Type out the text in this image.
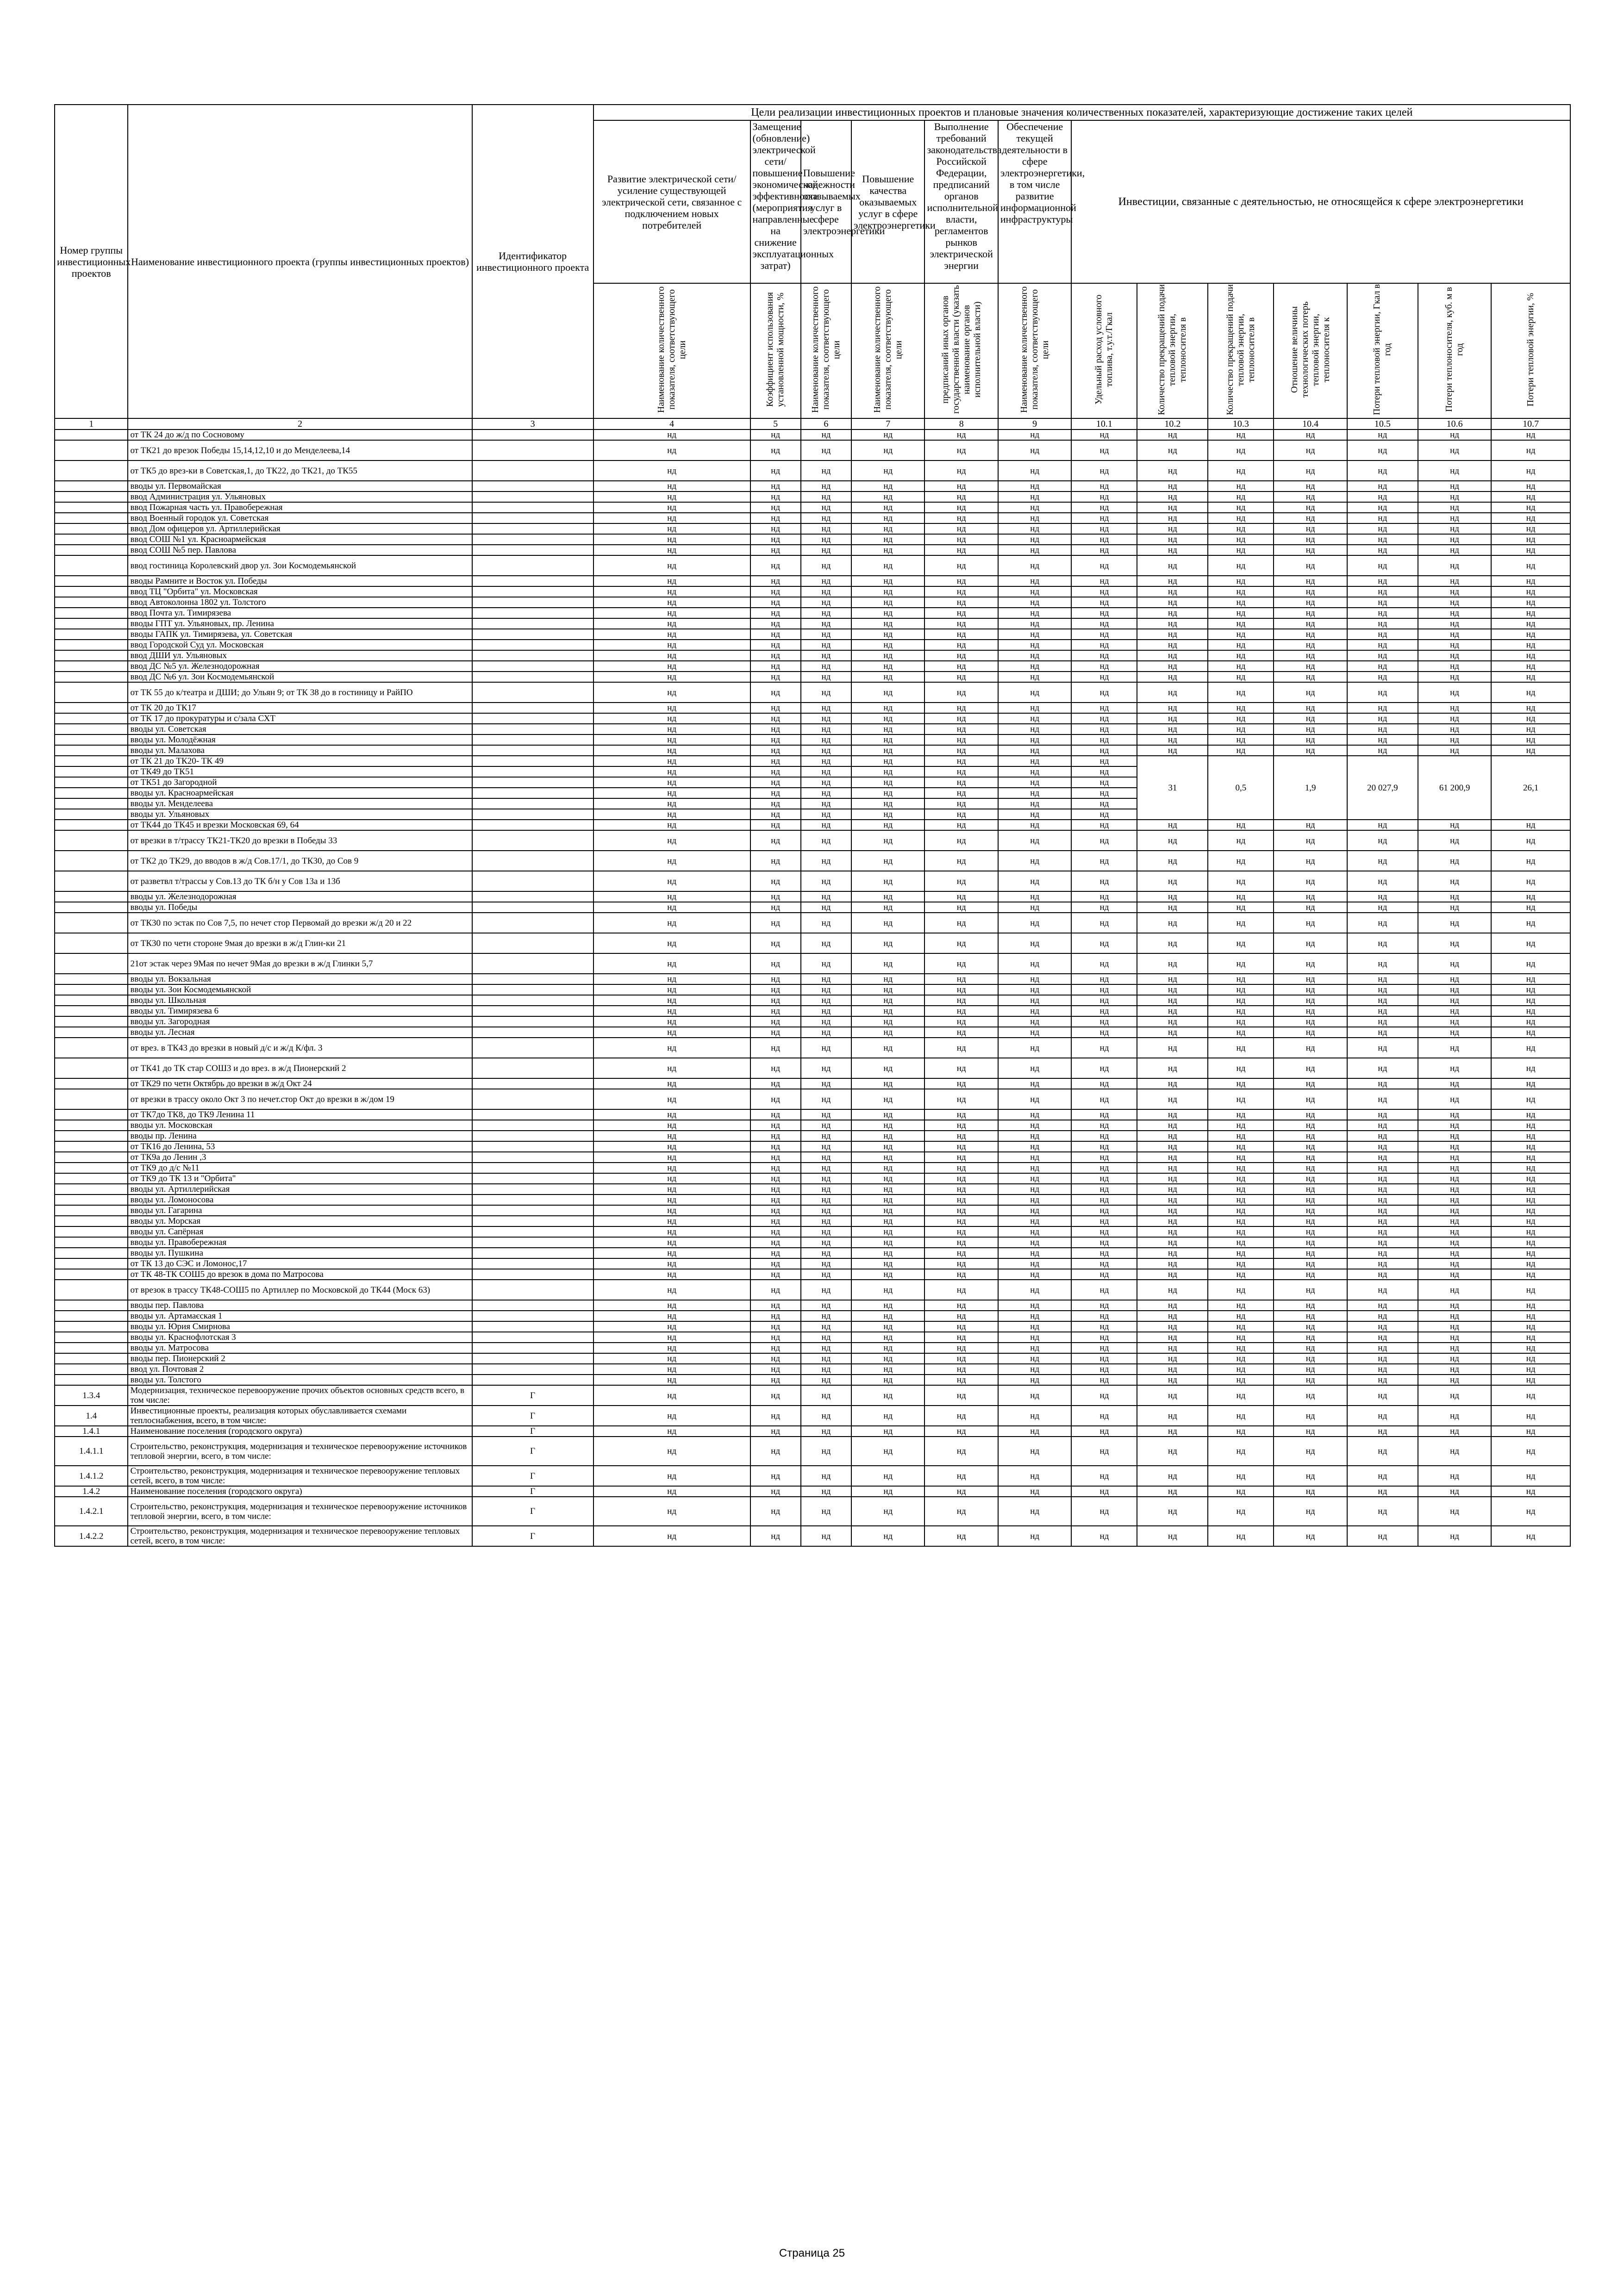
Номер группы инвестиционных проектов	Наименование инвестиционного проекта (группы инвестиционных проектов)	Идентификатор инвестиционного проекта	Цели реализации инвестиционных проектов и плановые значения количественных показателей, характеризующие достижение таких целей												
			Развитие электрической сети/усиление существующей электрической сети, связанное с подключением новых потребителей	Замещение (обновление) электрической сети/повышение экономической эффективности (мероприятия направленные на снижение эксплуатационных затрат)	Повышение надежности оказываемых услуг в сфере электроэнергетики	Повышение качества оказываемых услуг в сфере электроэнергетики	Выполнение требований законодательства Российской Федерации, предписаний органов исполнительной власти, регламентов рынков электрической энергии	Обеспечение текущей деятельности в сфере электроэнергетики, в том числе развитие информационной инфраструктуры	Инвестиции, связанные с деятельностью, не относящейся к сфере электроэнергетики						
			Наименование количественного показателя, соответствующего цели	Коэффициент использования установленной мощности, %	Наименование количественного показателя, соответствующего цели	Наименование количественного показателя, соответствующего цели	предписаний иных органов государственной власти (указать наименование органов исполнительной власти)	Наименование количественного показателя, соответствующего цели	Удельный расход условного топлива, т.у.т./Гкал	Количество прекращений подачи тепловой энергии, теплоносителя в	Количество прекращений подачи тепловой энергии, теплоносителя в	Отношение величины технологических потерь тепловой энергии, теплоносителя к	Потери тепловой энергии, Гкал в год	Потери теплоносителя, куб. м в год	Потери тепловой энергии, %
1	2	3	4	5	6	7	8	9	10.1	10.2	10.3	10.4	10.5	10.6	10.7
	от ТК 24 до ж/д по Сосновому		нд	нд	нд	нд	нд	нд	нд	нд	нд	нд	нд	нд	нд
	от ТК21 до врезок Победы 15,14,12,10 и до Менделеева,14		нд	нд	нд	нд	нд	нд	нд	нд	нд	нд	нд	нд	нд
	от ТК5 до врез-ки в Советская,1, до ТК22, до ТК21, до ТК55		нд	нд	нд	нд	нд	нд	нд	нд	нд	нд	нд	нд	нд
	вводы ул. Первомайская		нд	нд	нд	нд	нд	нд	нд	нд	нд	нд	нд	нд	нд
	ввод Администрация ул. Ульяновых		нд	нд	нд	нд	нд	нд	нд	нд	нд	нд	нд	нд	нд
	ввод Пожарная часть ул. Правобережная		нд	нд	нд	нд	нд	нд	нд	нд	нд	нд	нд	нд	нд
	ввод Военный городок ул. Советская		нд	нд	нд	нд	нд	нд	нд	нд	нд	нд	нд	нд	нд
	ввод Дом офицеров ул. Артиллерийская		нд	нд	нд	нд	нд	нд	нд	нд	нд	нд	нд	нд	нд
	ввод СОШ №1 ул. Красноармейская		нд	нд	нд	нд	нд	нд	нд	нд	нд	нд	нд	нд	нд
	ввод СОШ №5 пер. Павлова		нд	нд	нд	нд	нд	нд	нд	нд	нд	нд	нд	нд	нд
	ввод гостиница Королевский двор ул. Зои Космодемьянской		нд	нд	нд	нд	нд	нд	нд	нд	нд	нд	нд	нд	нд
	вводы Рамните и Восток ул. Победы		нд	нд	нд	нд	нд	нд	нд	нд	нд	нд	нд	нд	нд
	ввод ТЦ "Орбита" ул. Московская		нд	нд	нд	нд	нд	нд	нд	нд	нд	нд	нд	нд	нд
	ввод Автоколонна 1802 ул. Толстого		нд	нд	нд	нд	нд	нд	нд	нд	нд	нд	нд	нд	нд
	ввод Почта ул. Тимирязева		нд	нд	нд	нд	нд	нд	нд	нд	нд	нд	нд	нд	нд
	вводы ГПТ ул. Ульяновых, пр. Ленина		нд	нд	нд	нд	нд	нд	нд	нд	нд	нд	нд	нд	нд
	вводы ГАПК ул. Тимирязева, ул. Советская		нд	нд	нд	нд	нд	нд	нд	нд	нд	нд	нд	нд	нд
	ввод Городской Суд ул. Московская		нд	нд	нд	нд	нд	нд	нд	нд	нд	нд	нд	нд	нд
	ввод ДШИ ул. Ульяновых		нд	нд	нд	нд	нд	нд	нд	нд	нд	нд	нд	нд	нд
	ввод ДС №5 ул. Железнодорожная		нд	нд	нд	нд	нд	нд	нд	нд	нд	нд	нд	нд	нд
	ввод ДС №6 ул. Зои Космодемьянской		нд	нд	нд	нд	нд	нд	нд	нд	нд	нд	нд	нд	нд
	от ТК 55 до к/театра и ДШИ; до Ульян 9; от ТК 38 до в гостиницу и РайПО		нд	нд	нд	нд	нд	нд	нд	нд	нд	нд	нд	нд	нд
	от ТК 20 до ТК17		нд	нд	нд	нд	нд	нд	нд	нд	нд	нд	нд	нд	нд
	от ТК 17 до прокуратуры и с/зала СХТ		нд	нд	нд	нд	нд	нд	нд	нд	нд	нд	нд	нд	нд
	вводы ул. Советская		нд	нд	нд	нд	нд	нд	нд	нд	нд	нд	нд	нд	нд
	вводы ул. Молодёжная		нд	нд	нд	нд	нд	нд	нд	нд	нд	нд	нд	нд	нд
	вводы ул. Малахова		нд	нд	нд	нд	нд	нд	нд	нд	нд	нд	нд	нд	нд
	от ТК 21 до ТК20- ТК 49		нд	нд	нд	нд	нд	нд	нд	31	0,5	1,9	20 027,9	61 200,9	26,1
	от ТК49 до ТК51		нд	нд	нд	нд	нд	нд	нд						
	от ТК51 до Загородной		нд	нд	нд	нд	нд	нд	нд						
	вводы ул. Красноармейская		нд	нд	нд	нд	нд	нд	нд						
	вводы ул. Менделеева		нд	нд	нд	нд	нд	нд	нд						
	вводы ул. Ульяновых		нд	нд	нд	нд	нд	нд	нд						
	от ТК44 до ТК45 и врезки Московская 69, 64		нд	нд	нд	нд	нд	нд	нд	нд	нд	нд	нд	нд	нд
	от врезки в т/трассу ТК21-ТК20 до врезки в Победы 33		нд	нд	нд	нд	нд	нд	нд	нд	нд	нд	нд	нд	нд
	от ТК2 до ТК29, до вводов в ж/д Сов.17/1, до ТК30, до Сов 9		нд	нд	нд	нд	нд	нд	нд	нд	нд	нд	нд	нд	нд
	от разветвл т/трассы у Сов.13 до ТК б/н у Сов 13а и 13б		нд	нд	нд	нд	нд	нд	нд	нд	нд	нд	нд	нд	нд
	вводы ул. Железнодорожная		нд	нд	нд	нд	нд	нд	нд	нд	нд	нд	нд	нд	нд
	вводы ул. Победы		нд	нд	нд	нд	нд	нд	нд	нд	нд	нд	нд	нд	нд
	от ТК30 по эстак по Сов 7,5, по нечет стор Первомай до врезки ж/д 20 и 22		нд	нд	нд	нд	нд	нд	нд	нд	нд	нд	нд	нд	нд
	от ТК30 по четн стороне 9мая до врезки в ж/д Глин-ки 21		нд	нд	нд	нд	нд	нд	нд	нд	нд	нд	нд	нд	нд
	21от эстак через 9Мая по нечет 9Мая до врезки в ж/д Глинки 5,7		нд	нд	нд	нд	нд	нд	нд	нд	нд	нд	нд	нд	нд
	вводы ул. Вокзальная		нд	нд	нд	нд	нд	нд	нд	нд	нд	нд	нд	нд	нд
	вводы ул. Зои Космодемьянской		нд	нд	нд	нд	нд	нд	нд	нд	нд	нд	нд	нд	нд
	вводы ул. Школьная		нд	нд	нд	нд	нд	нд	нд	нд	нд	нд	нд	нд	нд
	вводы ул. Тимирязева 6		нд	нд	нд	нд	нд	нд	нд	нд	нд	нд	нд	нд	нд
	вводы ул. Загородная		нд	нд	нд	нд	нд	нд	нд	нд	нд	нд	нд	нд	нд
	вводы ул. Лесная		нд	нд	нд	нд	нд	нд	нд	нд	нд	нд	нд	нд	нд
	от врез. в ТК43 до врезки в новый д/с и ж/д К/фл. 3		нд	нд	нд	нд	нд	нд	нд	нд	нд	нд	нд	нд	нд
	от ТК41 до ТК стар СОШ3 и до врез. в ж/д Пионерский 2		нд	нд	нд	нд	нд	нд	нд	нд	нд	нд	нд	нд	нд
	от ТК29 по четн Октябрь до врезки в ж/д Окт 24		нд	нд	нд	нд	нд	нд	нд	нд	нд	нд	нд	нд	нд
	от врезки в трассу около Окт 3 по нечет.стор Окт до врезки в ж/дом 19		нд	нд	нд	нд	нд	нд	нд	нд	нд	нд	нд	нд	нд
	от ТК7до ТК8, до ТК9 Ленина 11		нд	нд	нд	нд	нд	нд	нд	нд	нд	нд	нд	нд	нд
	вводы ул. Московская		нд	нд	нд	нд	нд	нд	нд	нд	нд	нд	нд	нд	нд
	вводы пр. Ленина		нд	нд	нд	нд	нд	нд	нд	нд	нд	нд	нд	нд	нд
	от ТК16 до Ленина, 53		нд	нд	нд	нд	нд	нд	нд	нд	нд	нд	нд	нд	нд
	от ТК9а до Ленин ,3		нд	нд	нд	нд	нд	нд	нд	нд	нд	нд	нд	нд	нд
	от ТК9 до д/с №11		нд	нд	нд	нд	нд	нд	нд	нд	нд	нд	нд	нд	нд
	от ТК9 до ТК 13 и "Орбита"		нд	нд	нд	нд	нд	нд	нд	нд	нд	нд	нд	нд	нд
	вводы ул. Артиллерийская		нд	нд	нд	нд	нд	нд	нд	нд	нд	нд	нд	нд	нд
	вводы ул. Ломоносова		нд	нд	нд	нд	нд	нд	нд	нд	нд	нд	нд	нд	нд
	вводы ул. Гагарина		нд	нд	нд	нд	нд	нд	нд	нд	нд	нд	нд	нд	нд
	вводы ул. Морская		нд	нд	нд	нд	нд	нд	нд	нд	нд	нд	нд	нд	нд
	вводы ул. Сапёрная		нд	нд	нд	нд	нд	нд	нд	нд	нд	нд	нд	нд	нд
	вводы ул. Правобережная		нд	нд	нд	нд	нд	нд	нд	нд	нд	нд	нд	нд	нд
	вводы ул. Пушкина		нд	нд	нд	нд	нд	нд	нд	нд	нд	нд	нд	нд	нд
	от ТК 13 до СЭС и Ломонос,17		нд	нд	нд	нд	нд	нд	нд	нд	нд	нд	нд	нд	нд
	от ТК 48-ТК СОШ5 до врезок в дома по Матросова		нд	нд	нд	нд	нд	нд	нд	нд	нд	нд	нд	нд	нд
	от врезок в трассу ТК48-СОШ5 по Артиллер по Московской до ТК44 (Моск 63)		нд	нд	нд	нд	нд	нд	нд	нд	нд	нд	нд	нд	нд
	вводы пер. Павлова		нд	нд	нд	нд	нд	нд	нд	нд	нд	нд	нд	нд	нд
	вводы ул. Артамаєская 1		нд	нд	нд	нд	нд	нд	нд	нд	нд	нд	нд	нд	нд
	вводы ул. Юрия Смирнова		нд	нд	нд	нд	нд	нд	нд	нд	нд	нд	нд	нд	нд
	вводы ул. Краснофлотская 3		нд	нд	нд	нд	нд	нд	нд	нд	нд	нд	нд	нд	нд
	вводы ул. Матросова		нд	нд	нд	нд	нд	нд	нд	нд	нд	нд	нд	нд	нд
	вводы пер. Пионерский 2		нд	нд	нд	нд	нд	нд	нд	нд	нд	нд	нд	нд	нд
	ввод ул. Почтовая 2		нд	нд	нд	нд	нд	нд	нд	нд	нд	нд	нд	нд	нд
	вводы ул. Толстого		нд	нд	нд	нд	нд	нд	нд	нд	нд	нд	нд	нд	нд
1.3.4	Модернизация, техническое перевооружение прочих объектов основных средств всего, в том числе:	Г	нд	нд	нд	нд	нд	нд	нд	нд	нд	нд	нд	нд	нд
1.4	Инвестиционные проекты, реализация которых обуславливается схемами теплоснабжения, всего, в том числе:	Г	нд	нд	нд	нд	нд	нд	нд	нд	нд	нд	нд	нд	нд
1.4.1	Наименование поселения (городского округа)	Г	нд	нд	нд	нд	нд	нд	нд	нд	нд	нд	нд	нд	нд
1.4.1.1	Строительство, реконструкция, модернизация и техническое перевооружение источников тепловой энергии, всего, в том числе:	Г	нд	нд	нд	нд	нд	нд	нд	нд	нд	нд	нд	нд	нд
1.4.1.2	Строительство, реконструкция, модернизация и техническое перевооружение тепловых сетей, всего, в том числе:	Г	нд	нд	нд	нд	нд	нд	нд	нд	нд	нд	нд	нд	нд
1.4.2	Наименование поселения (городского округа)	Г	нд	нд	нд	нд	нд	нд	нд	нд	нд	нд	нд	нд	нд
1.4.2.1	Строительство, реконструкция, модернизация и техническое перевооружение источников тепловой энергии, всего, в том числе:	Г	нд	нд	нд	нд	нд	нд	нд	нд	нд	нд	нд	нд	нд
1.4.2.2	Строительство, реконструкция, модернизация и техническое перевооружение тепловых сетей, всего, в том числе:	Г	нд	нд	нд	нд	нд	нд	нд	нд	нд	нд	нд	нд	нд
Страница 25
